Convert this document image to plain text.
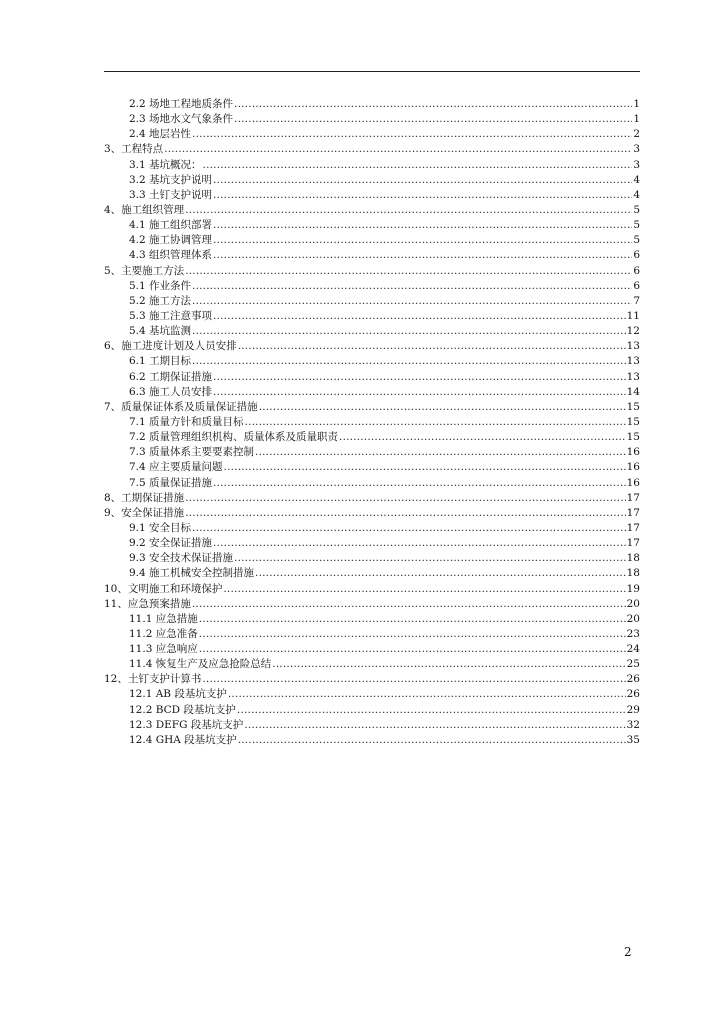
2.2 场地工程地质条件 .....	1
2.3 场地水文气象条件 .....	1
2.4 地层岩性 .....	2
3、工程特点 .....	3
3.1 基坑概况： .....	3
3.2 基坑支护说明 .....	4
3.3 土钉支护说明 .....	4
4、施工组织管理 .....	5
4.1 施工组织部署 .....	5
4.2 施工协调管理 .....	5
4.3 组织管理体系 .....	6
5、主要施工方法 .....	6
5.1 作业条件 .....	6
5.2 施工方法 .....	7
5.3 施工注意事项 .....	11
5.4 基坑监测 .....	12
6、施工进度计划及人员安排 .....	13
6.1 工期目标 .....	13
6.2 工期保证措施 .....	13
6.3 施工人员安排 .....	14
7、质量保证体系及质量保证措施 .....	15
7.1 质量方针和质量目标 .....	15
7.2 质量管理组织机构、质量体系及质量职责 .....	15
7.3 质量体系主要要素控制 .....	16
7.4 应主要质量问题 .....	16
7.5 质量保证措施 .....	16
8、工期保证措施 .....	17
9、安全保证措施 .....	17
9.1 安全目标 .....	17
9.2 安全保证措施 .....	17
9.3 安全技术保证措施 .....	18
9.4 施工机械安全控制措施 .....	18
10、文明施工和环境保护 .....	19
11、应急预案措施 .....	20
11.1 应急措施 .....	20
11.2 应急准备 .....	23
11.3 应急响应 .....	24
11.4 恢复生产及应急抢险总结 .....	25
12、土钉支护计算书 .....	26
12.1 AB 段基坑支护 .....	26
12.2 BCD 段基坑支护 .....	29
12.3 DEFG 段基坑支护 .....	32
12.4 GHA 段基坑支护 .....	35
2
